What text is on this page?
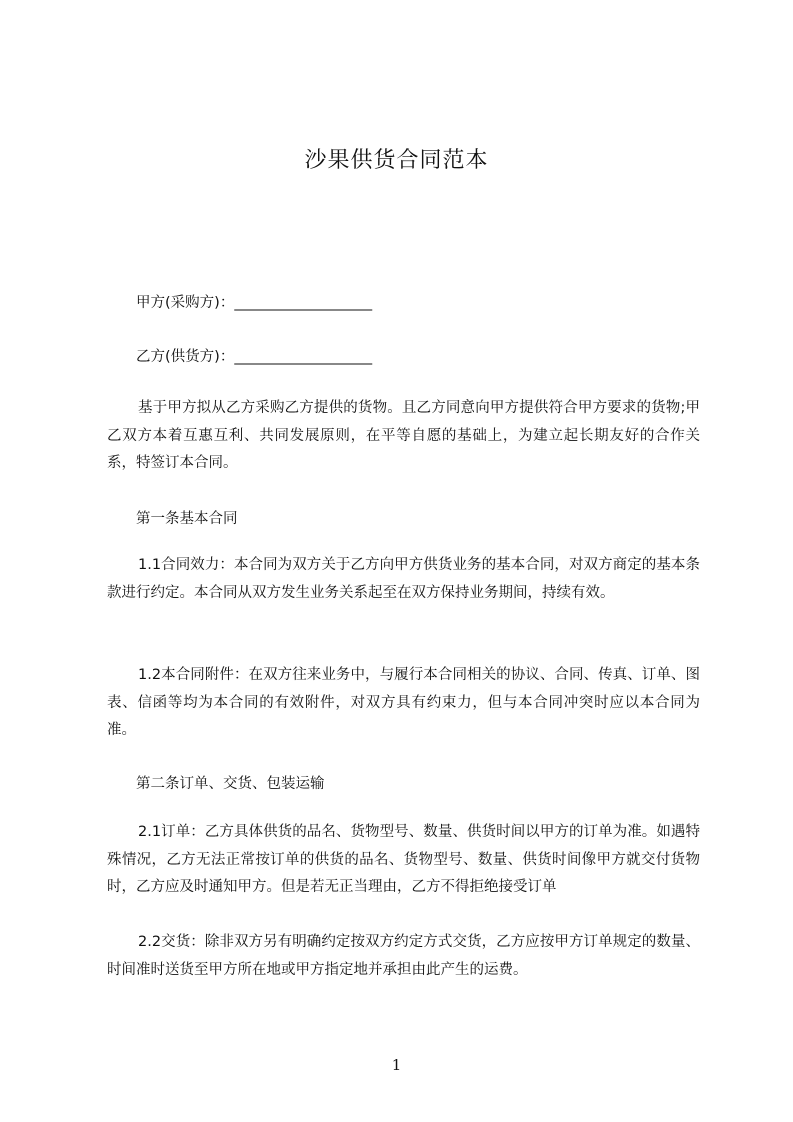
沙果供货合同范本
甲方(采购方)：___________________
乙方(供货方)：___________________

基于甲方拟从乙方采购乙方提供的货物。且乙方同意向甲方提供符合甲方要求的货物;甲乙双方本着互惠互利、共同发展原则，在平等自愿的基础上，为建立起长期友好的合作关系，特签订本合同。

第一条基本合同

1.1合同效力：本合同为双方关于乙方向甲方供货业务的基本合同，对双方商定的基本条款进行约定。本合同从双方发生业务关系起至在双方保持业务期间，持续有效。

1.2本合同附件：在双方往来业务中，与履行本合同相关的协议、合同、传真、订单、图表、信函等均为本合同的有效附件，对双方具有约束力，但与本合同冲突时应以本合同为准。

第二条订单、交货、包装运输

2.1订单：乙方具体供货的品名、货物型号、数量、供货时间以甲方的订单为准。如遇特殊情况，乙方无法正常按订单的供货的品名、货物型号、数量、供货时间像甲方就交付货物时，乙方应及时通知甲方。但是若无正当理由，乙方不得拒绝接受订单

2.2交货：除非双方另有明确约定按双方约定方式交货，乙方应按甲方订单规定的数量、时间准时送货至甲方所在地或甲方指定地并承担由此产生的运费。

1
